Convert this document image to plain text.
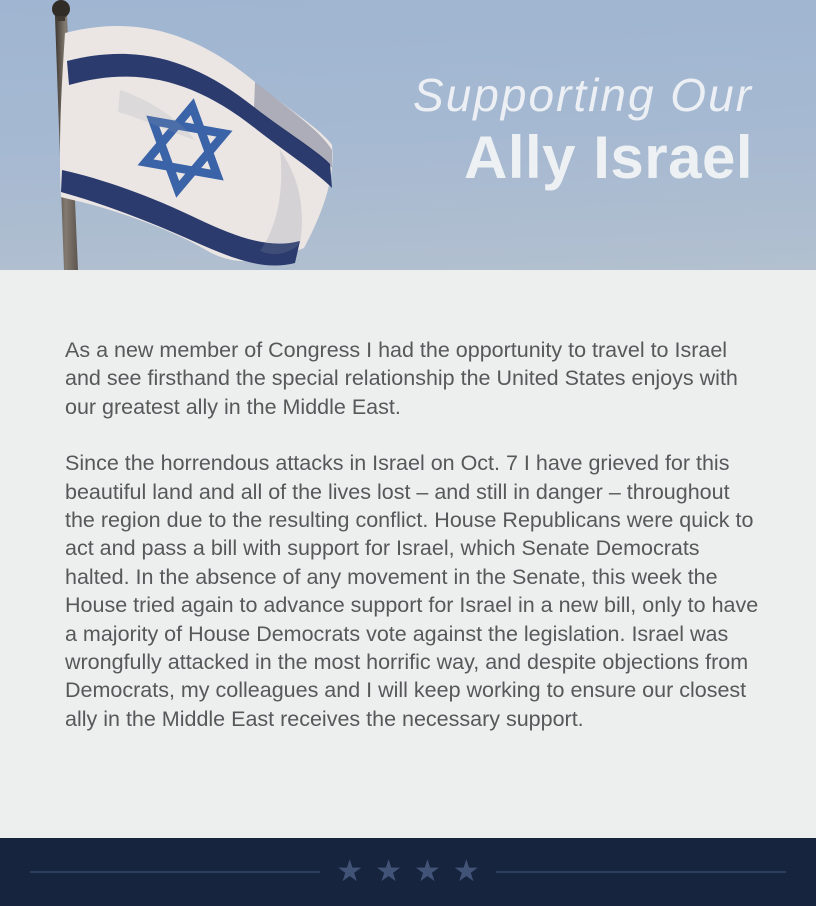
Supporting Our
Ally Israel

As a new member of Congress I had the opportunity to travel to Israel and see firsthand the special relationship the United States enjoys with our greatest ally in the Middle East.

Since the horrendous attacks in Israel on Oct. 7 I have grieved for this beautiful land and all of the lives lost – and still in danger – throughout the region due to the resulting conflict. House Republicans were quick to act and pass a bill with support for Israel, which Senate Democrats halted. In the absence of any movement in the Senate, this week the House tried again to advance support for Israel in a new bill, only to have a majority of House Democrats vote against the legislation. Israel was wrongfully attacked in the most horrific way, and despite objections from Democrats, my colleagues and I will keep working to ensure our closest ally in the Middle East receives the necessary support.

★ ★ ★ ★
